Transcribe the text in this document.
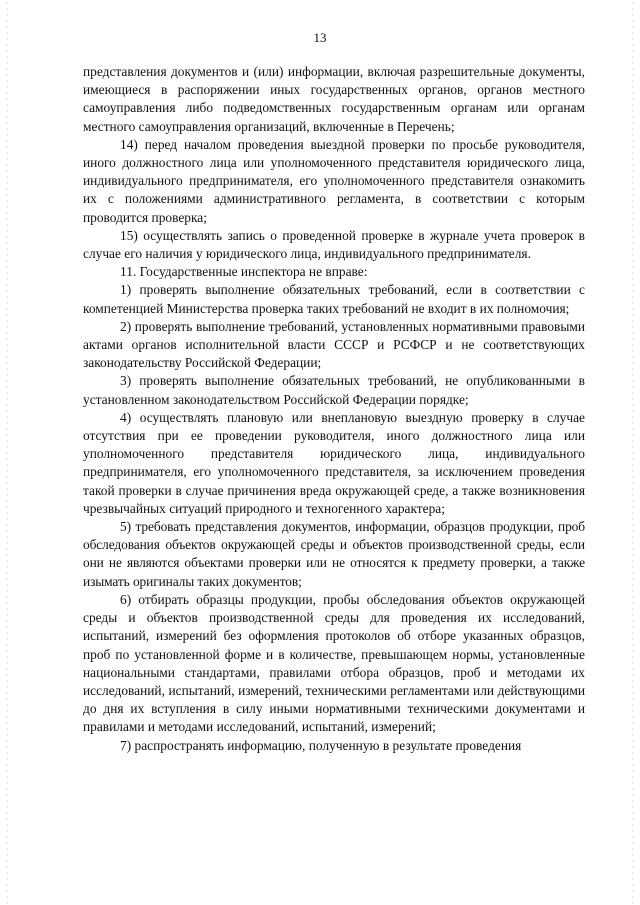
13

представления документов и (или) информации, включая разрешительные документы, имеющиеся в распоряжении иных государственных органов, органов местного самоуправления либо подведомственных государственным органам или органам местного самоуправления организаций, включенные в Перечень;

14) перед началом проведения выездной проверки по просьбе руководителя, иного должностного лица или уполномоченного представителя юридического лица, индивидуального предпринимателя, его уполномоченного представителя ознакомить их с положениями административного регламента, в соответствии с которым проводится проверка;

15) осуществлять запись о проведенной проверке в журнале учета проверок в случае его наличия у юридического лица, индивидуального предпринимателя.

11. Государственные инспектора не вправе:

1) проверять выполнение обязательных требований, если в соответствии с компетенцией Министерства проверка таких требований не входит в их полномочия;

2) проверять выполнение требований, установленных нормативными правовыми актами органов исполнительной власти СССР и РСФСР и не соответствующих законодательству Российской Федерации;

3) проверять выполнение обязательных требований, не опубликованными в установленном законодательством Российской Федерации порядке;

4) осуществлять плановую или внеплановую выездную проверку в случае отсутствия при ее проведении руководителя, иного должностного лица или уполномоченного представителя юридического лица, индивидуального предпринимателя, его уполномоченного представителя, за исключением проведения такой проверки в случае причинения вреда окружающей среде, а также возникновения чрезвычайных ситуаций природного и техногенного характера;

5) требовать представления документов, информации, образцов продукции, проб обследования объектов окружающей среды и объектов производственной среды, если они не являются объектами проверки или не относятся к предмету проверки, а также изымать оригиналы таких документов;

6) отбирать образцы продукции, пробы обследования объектов окружающей среды и объектов производственной среды для проведения их исследований, испытаний, измерений без оформления протоколов об отборе указанных образцов, проб по установленной форме и в количестве, превышающем нормы, установленные национальными стандартами, правилами отбора образцов, проб и методами их исследований, испытаний, измерений, техническими регламентами или действующими до дня их вступления в силу иными нормативными техническими документами и правилами и методами исследований, испытаний, измерений;

7) распространять информацию, полученную в результате проведения
